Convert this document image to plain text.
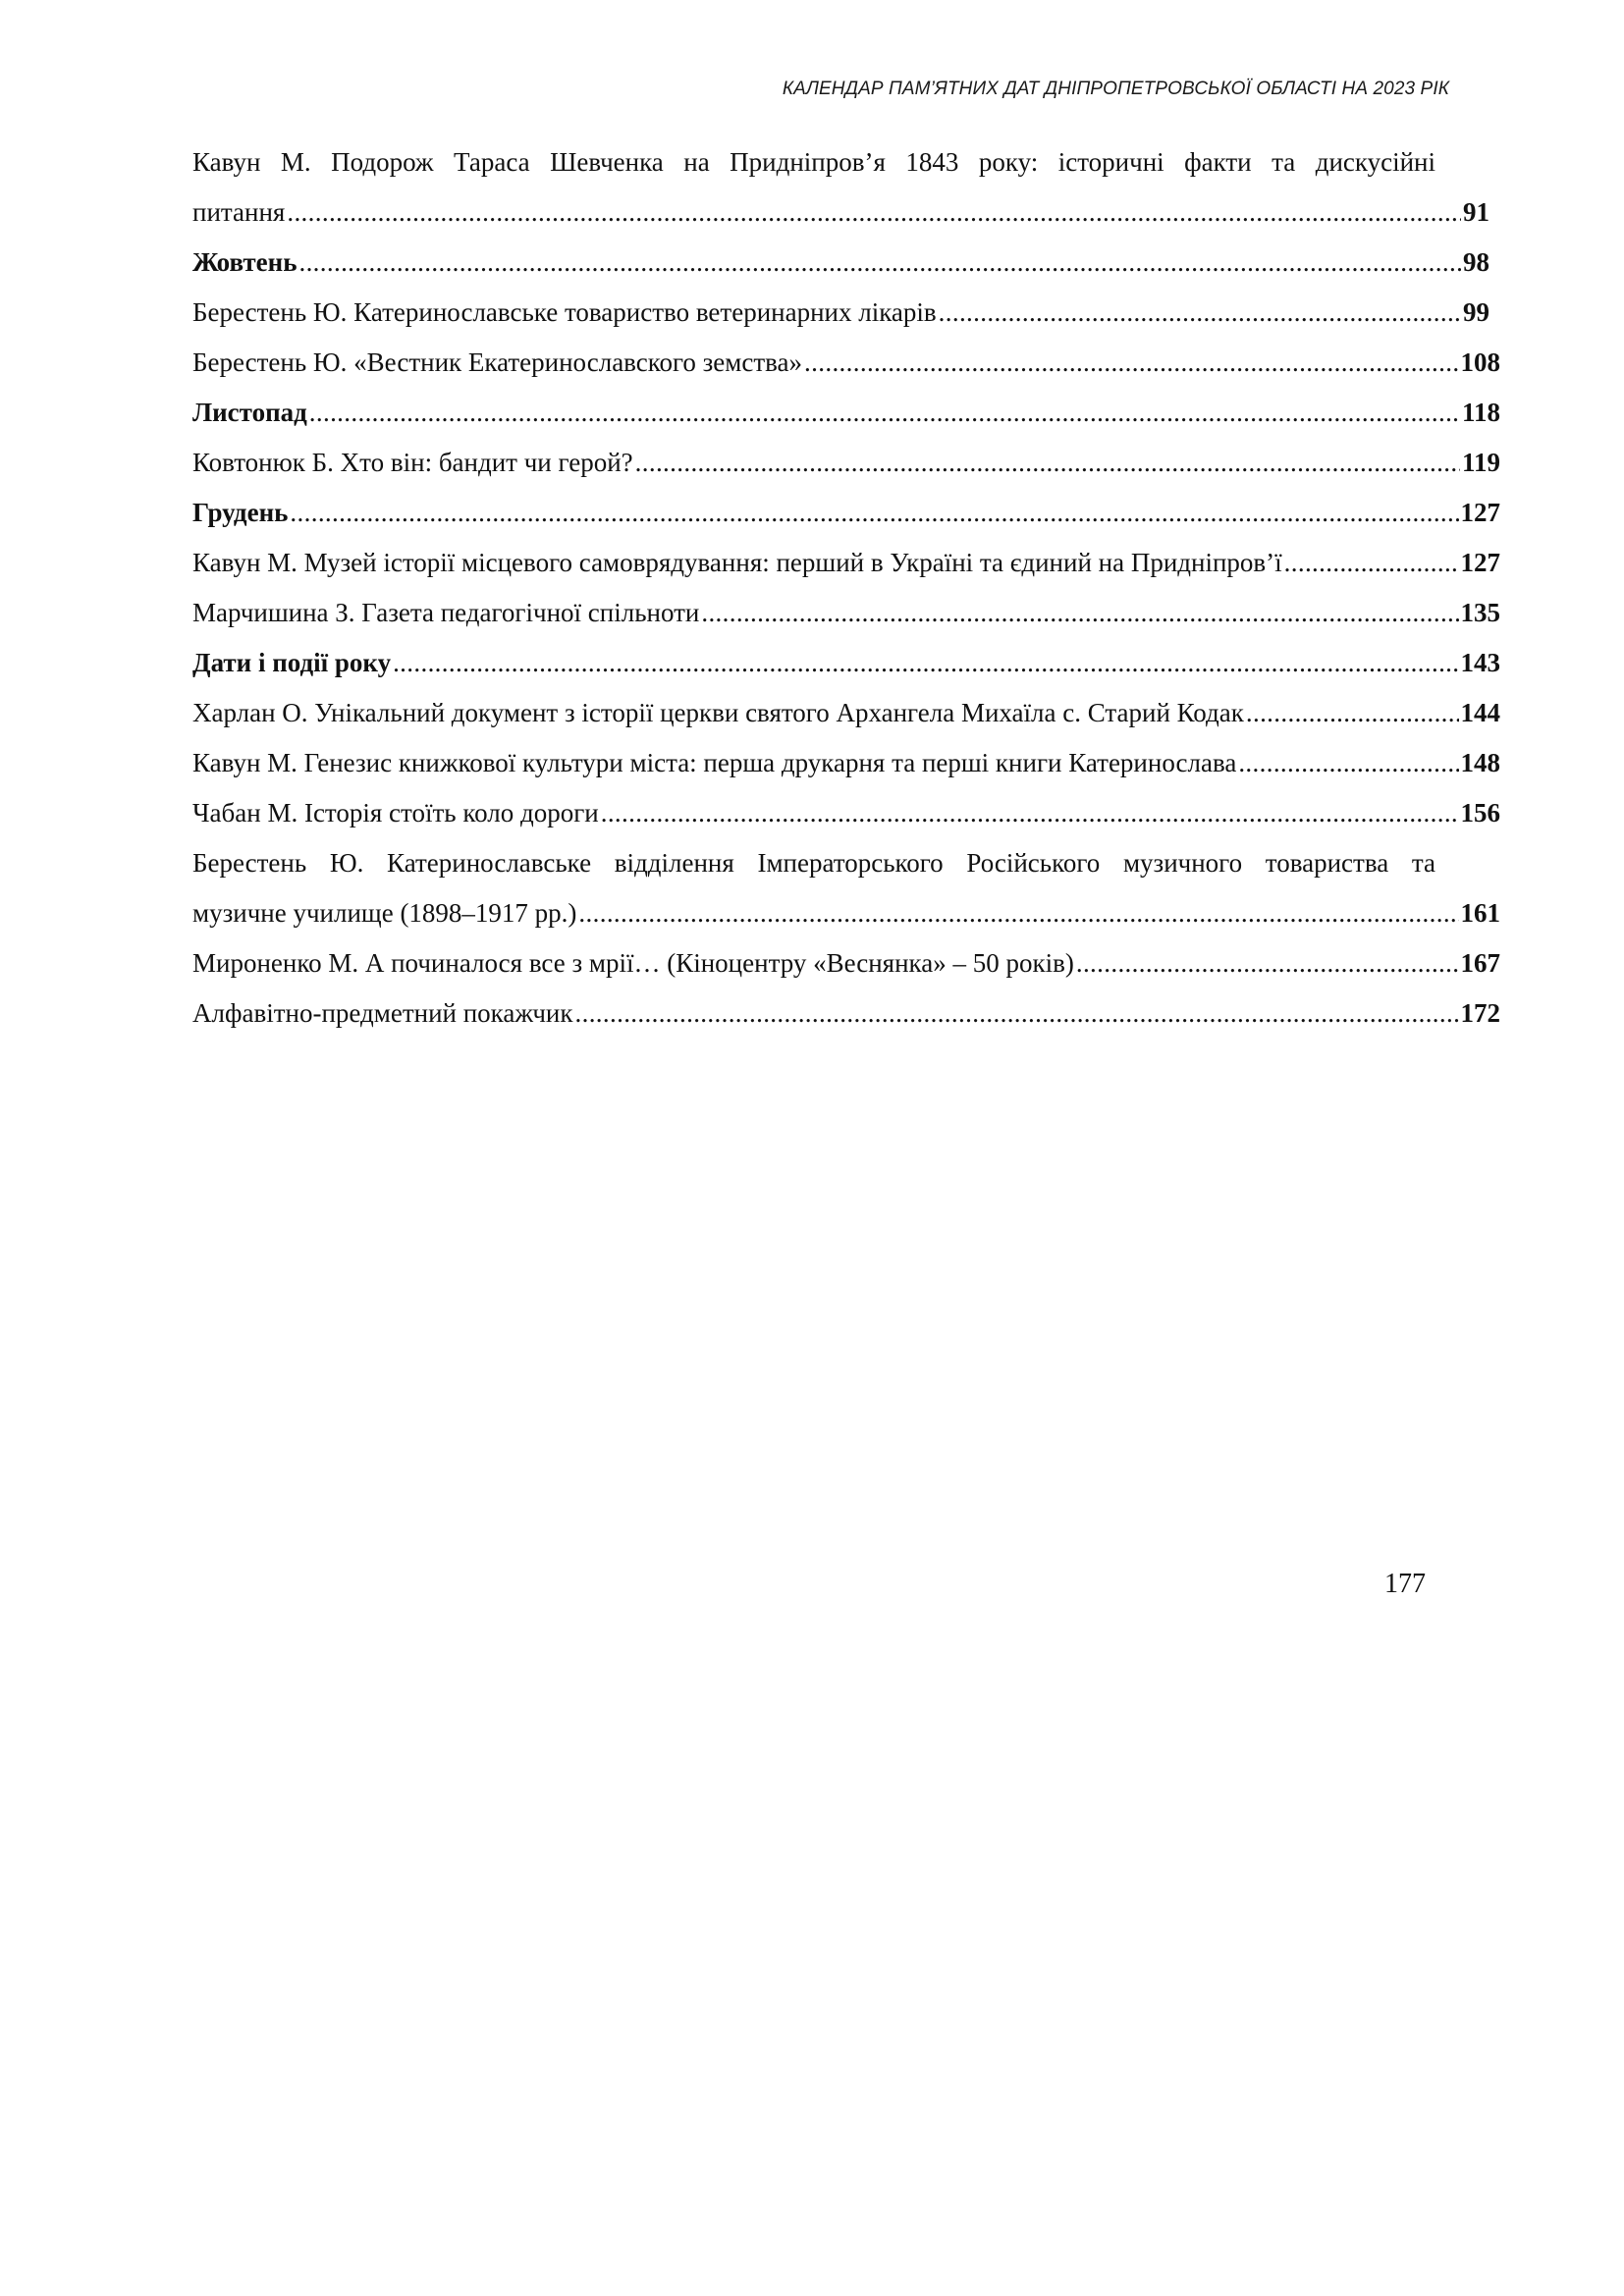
КАЛЕНДАР ПАМ’ЯТНИХ ДАТ ДНІПРОПЕТРОВСЬКОЇ ОБЛАСТІ НА 2023 РІК
Кавун М. Подорож Тараса Шевченка на Придніпров’я 1843 року: історичні факти та дискусійні
питання . . .	91
Жовтень . . .	98
Берестень Ю. Катеринославське товариство ветеринарних лікарів . . .	99
Берестень Ю. «Вестник Екатеринославского земства» . . .	108
Листопад . . .	118
Ковтонюк Б. Хто він: бандит чи герой? . . .	119
Грудень . . .	127
Кавун М. Музей історії місцевого самоврядування: перший в Україні та єдиний на Придніпров’ї . . .	127
Марчишина З. Газета педагогічної спільноти . . .	135
Дати і події року . . .	143
Харлан О. Унікальний документ з історії церкви святого Архангела Михаїла с. Старий Кодак . . .	144
Кавун М. Генезис книжкової культури міста: перша друкарня та перші книги Катеринослава . . .	148
Чабан М. Історія стоїть коло дороги . . .	156
Берестень Ю. Катеринославське відділення Імператорського Російського музичного товариства та
музичне училище (1898–1917 рр.) . . .	161
Мироненко М. А починалося все з мрії… (Кіноцентру «Веснянка» – 50 років) . . .	167
Алфавітно-предметний покажчик . . .	172
177
